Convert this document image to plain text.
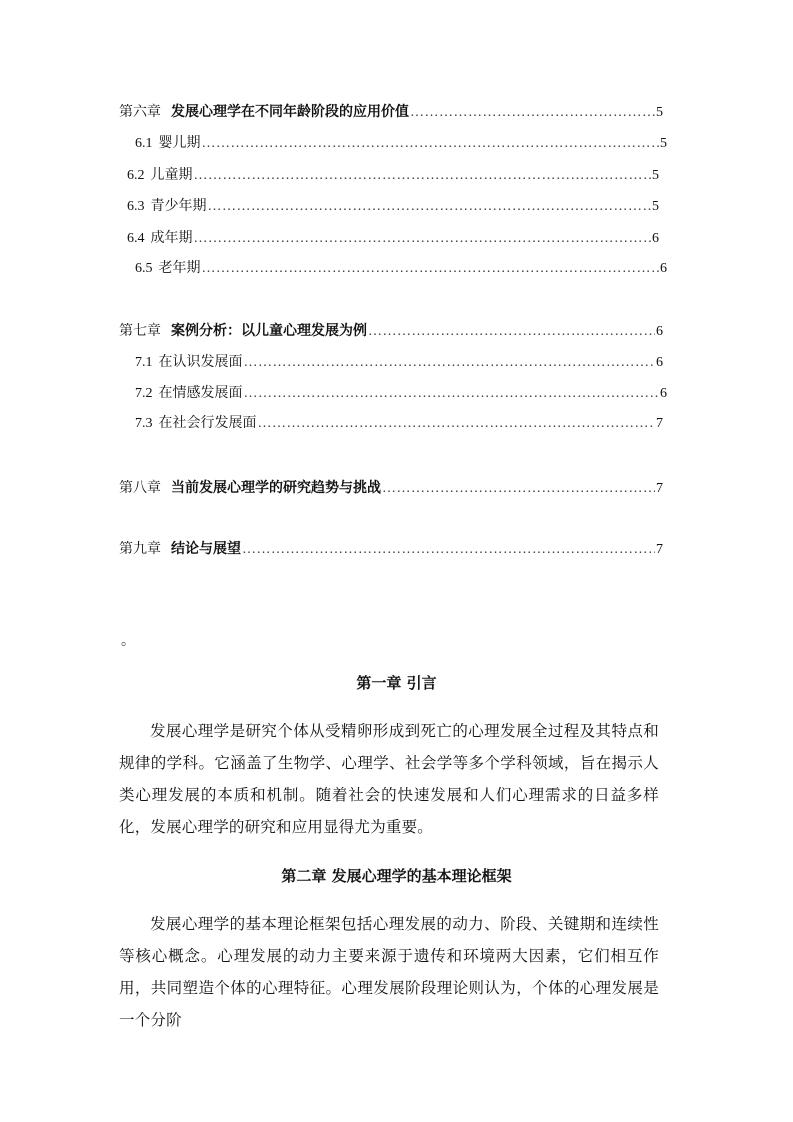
第六章 发展心理学在不同年龄阶段的应用价值 ……………………………………………………………………………………………………………………………………………………………………	5
6.1 婴儿期 ……………………………………………………………………………………………………………………………………………………………………	5
6.2 儿童期 ……………………………………………………………………………………………………………………………………………………………………	5
6.3 青少年期 ……………………………………………………………………………………………………………………………………………………………………	5
6.4 成年期 ……………………………………………………………………………………………………………………………………………………………………	6
6.5 老年期 ……………………………………………………………………………………………………………………………………………………………………	6
第七章 案例分析：以儿童心理发展为例 ……………………………………………………………………………………………………………………………………………………………………	6
7.1 在认识发展面 ……………………………………………………………………………………………………………………………………………………………………	6
7.2 在情感发展面 ……………………………………………………………………………………………………………………………………………………………………	6
7.3 在社会行发展面 ……………………………………………………………………………………………………………………………………………………………………	7
第八章 当前发展心理学的研究趋势与挑战 ……………………………………………………………………………………………………………………………………………………………………	7
第九章 结论与展望 ……………………………………………………………………………………………………………………………………………………………………	7
。
第一章 引言

发展心理学是研究个体从受精卵形成到死亡的心理发展全过程及其特点和规律的学科。它涵盖了生物学、心理学、社会学等多个学科领域，旨在揭示人类心理发展的本质和机制。随着社会的快速发展和人们心理需求的日益多样化，发展心理学的研究和应用显得尤为重要。

第二章 发展心理学的基本理论框架

发展心理学的基本理论框架包括心理发展的动力、阶段、关键期和连续性等核心概念。心理发展的动力主要来源于遗传和环境两大因素，它们相互作用，共同塑造个体的心理特征。心理发展阶段理论则认为，个体的心理发展是一个分阶
